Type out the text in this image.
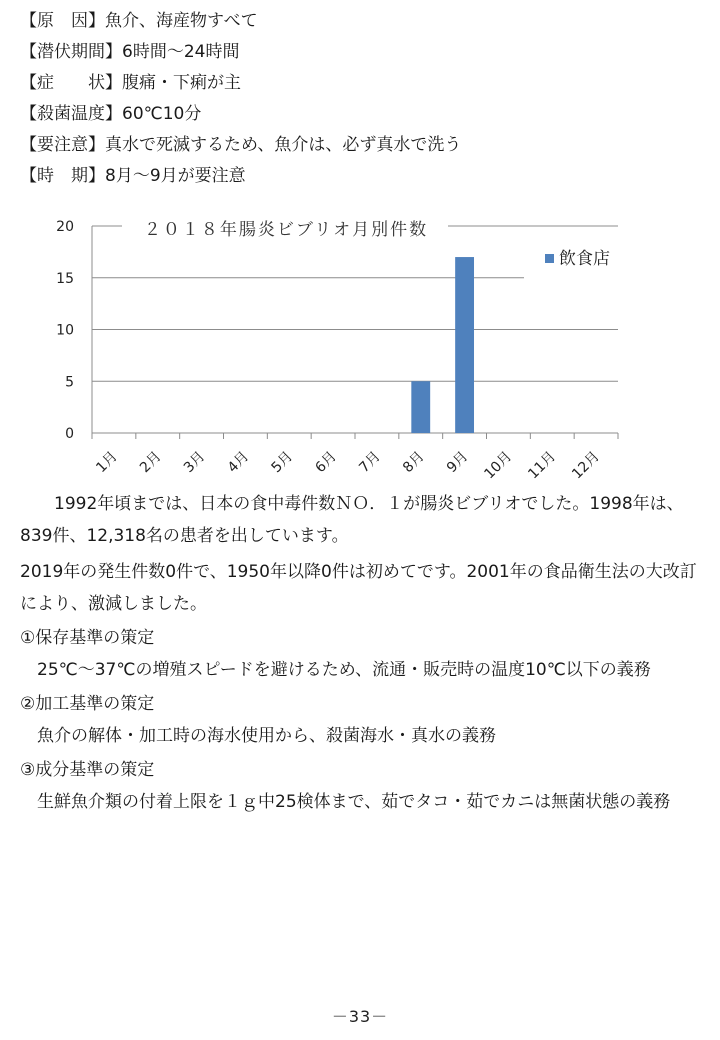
【原　因】魚介、海産物すべて
【潜伏期間】6時間～24時間
【症　　状】腹痛・下痢が主
【殺菌温度】60℃10分
【要注意】真水で死滅するため、魚介は、必ず真水で洗う
【時　期】8月～9月が要注意
0
5
10
15
20
1月 2月 3月 4月 5月 6月 7月 8月 9月 10月 11月 12月
２０１８年腸炎ビブリオ月別件数
飲食店

1992年頃までは、日本の食中毒件数ＮＯ．１が腸炎ビブリオでした。1998年は、839件、12,318名の患者を出しています。

2019年の発生件数0件で、1950年以降0件は初めてです。2001年の食品衛生法の大改訂により、激減しました。

①保存基準の策定

25℃～37℃の増殖スピードを避けるため、流通・販売時の温度10℃以下の義務

②加工基準の策定

魚介の解体・加工時の海水使用から、殺菌海水・真水の義務

③成分基準の策定

生鮮魚介類の付着上限を１ｇ中25検体まで、茹でタコ・茹でカニは無菌状態の義務

－33－
